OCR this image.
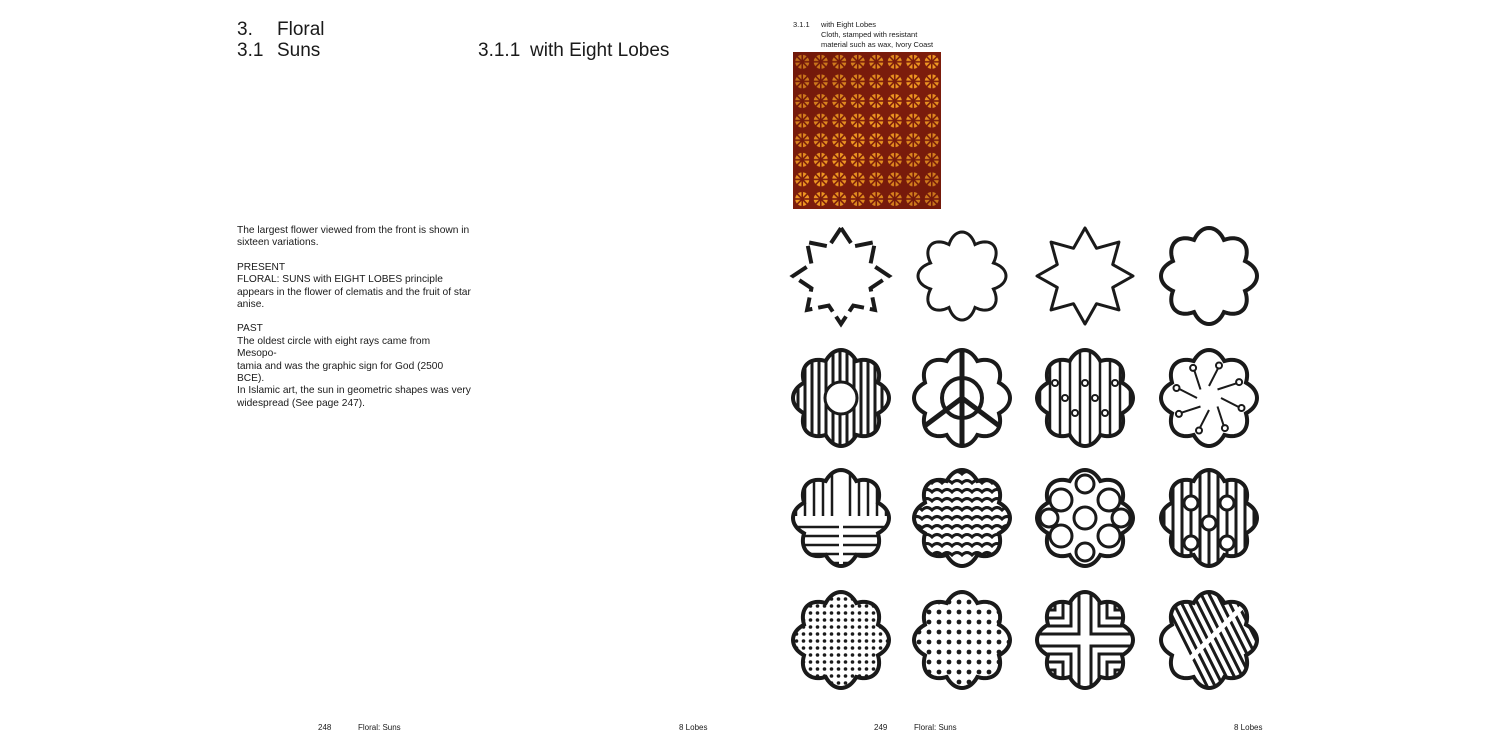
3. Floral
3.1 Suns	3.1.1 with Eight Lobes

The largest flower viewed from the front is shown in sixteen variations.

PRESENT

FLORAL: SUNS with EIGHT LOBES principle appears in the flower of clematis and the fruit of star anise.

PAST

The oldest circle with eight rays came from Mesopo-
tamia and was the graphic sign for God (2500 BCE).
In Islamic art, the sun in geometric shapes was very
widespread (See page 247).

248	Floral: Suns	8 Lobes
3.1.1 with Eight Lobes
Cloth, stamped with resistant
material such as wax, Ivory Coast
249	Floral: Suns	8 Lobes
